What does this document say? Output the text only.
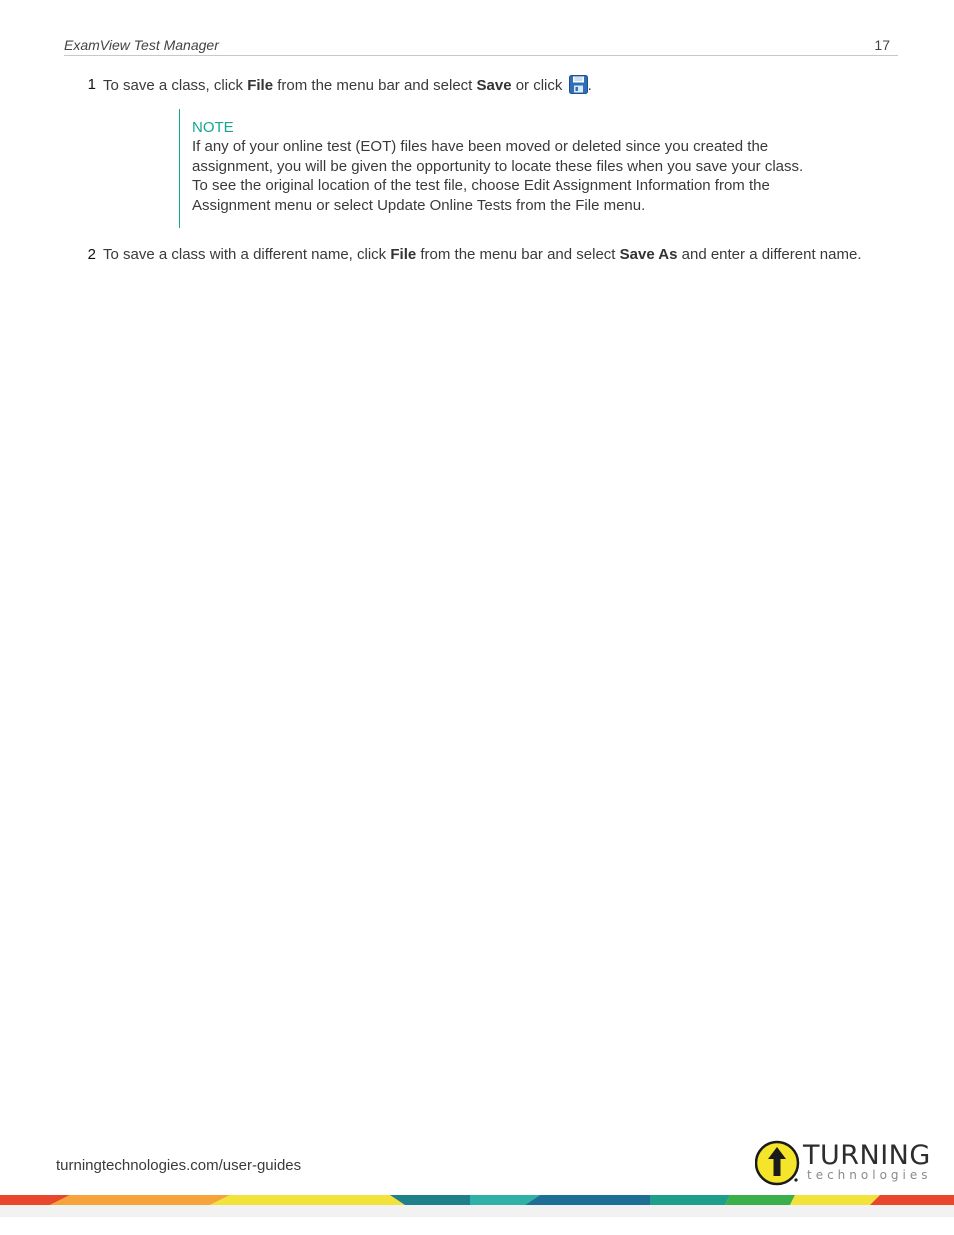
ExamView Test Manager	17
1 To save a class, click File from the menu bar and select Save or click .
NOTE
If any of your online test (EOT) files have been moved or deleted since you created the
assignment, you will be given the opportunity to locate these files when you save your class.
To see the original location of the test file, choose Edit Assignment Information from the
Assignment menu or select Update Online Tests from the File menu.
2 To save a class with a different name, click File from the menu bar and select Save As and enter a different name.
turningtechnologies.com/user-guides	TURNING
technologies
